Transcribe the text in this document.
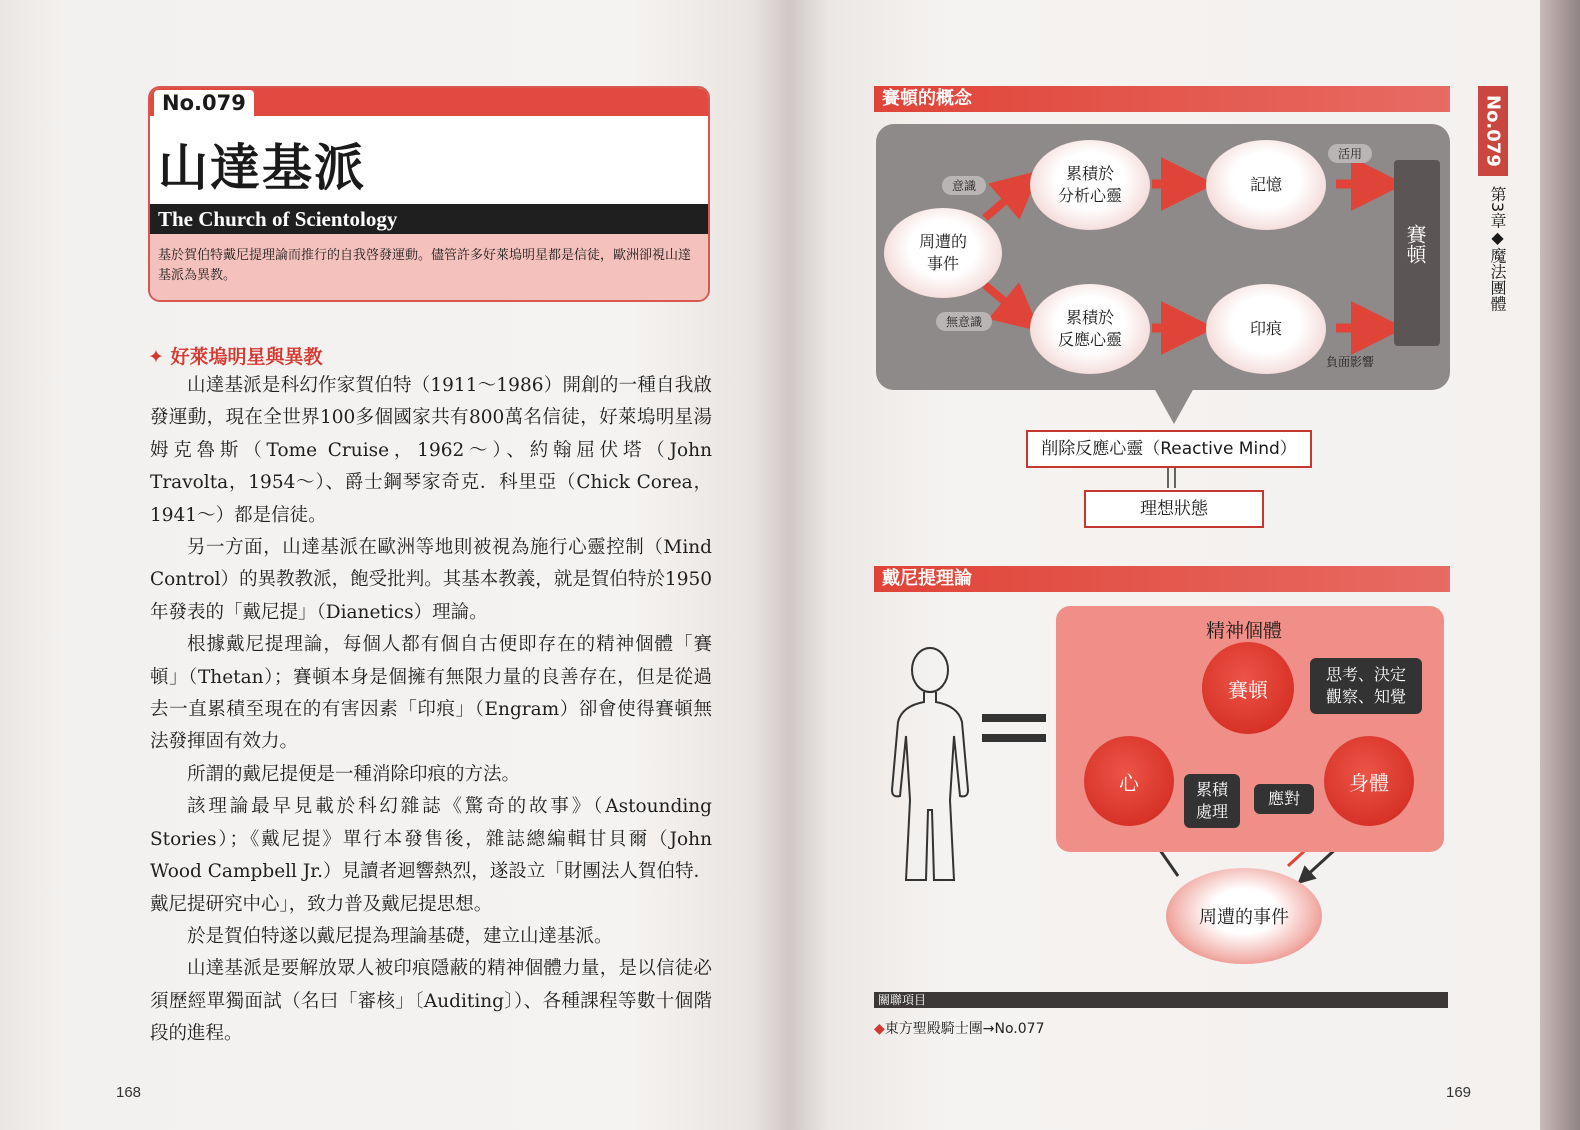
No.079
山達基派
The Church of Scientology
基於賀伯特戴尼提理論而推行的自我啓發運動。儘管許多好萊塢明星都是信徒，歐洲卻視山達基派為異教。
✦ 好萊塢明星與異教

山達基派是科幻作家賀伯特（1911～1986）開創的一種自我啟發運動，現在全世界100多個國家共有800萬名信徒，好萊塢明星湯姆克魯斯（Tome Cruise，1962～）、約翰屈伏塔（John Travolta，1954～）、爵士鋼琴家奇克．科里亞（Chick Corea，1941～）都是信徒。

另一方面，山達基派在歐洲等地則被視為施行心靈控制（Mind Control）的異教教派，飽受批判。其基本教義，就是賀伯特於1950年發表的「戴尼提」（Dianetics）理論。

根據戴尼提理論，每個人都有個自古便即存在的精神個體「賽頓」（Thetan）；賽頓本身是個擁有無限力量的良善存在，但是從過去一直累積至現在的有害因素「印痕」（Engram）卻會使得賽頓無法發揮固有效力。

所謂的戴尼提便是一種消除印痕的方法。

該理論最早見載於科幻雜誌《驚奇的故事》（Astounding Stories）；《戴尼提》單行本發售後，雜誌總編輯甘貝爾（John Wood Campbell Jr.）見讀者迴響熱烈，遂設立「財團法人賀伯特．戴尼提研究中心」，致力普及戴尼提思想。

於是賀伯特遂以戴尼提為理論基礎，建立山達基派。

山達基派是要解放眾人被印痕隱蔽的精神個體力量，是以信徒必須歷經單獨面試（名曰「審核」〔Auditing〕）、各種課程等數十個階段的進程。

168
賽頓的概念
周遭的
事件
意識
無意識
累積於
分析心靈
累積於
反應心靈
記憶
印痕
活用
負面影響
賽頓
削除反應心靈（Reactive Mind）
理想狀態
戴尼提理論
精神個體
賽頓
心	身體
思考、決定
觀察、知覺
累積
處理
應對
周遭的事件
關聯項目
◆東方聖殿騎士團→No.077
No.079
第3章◆魔法團體
169
